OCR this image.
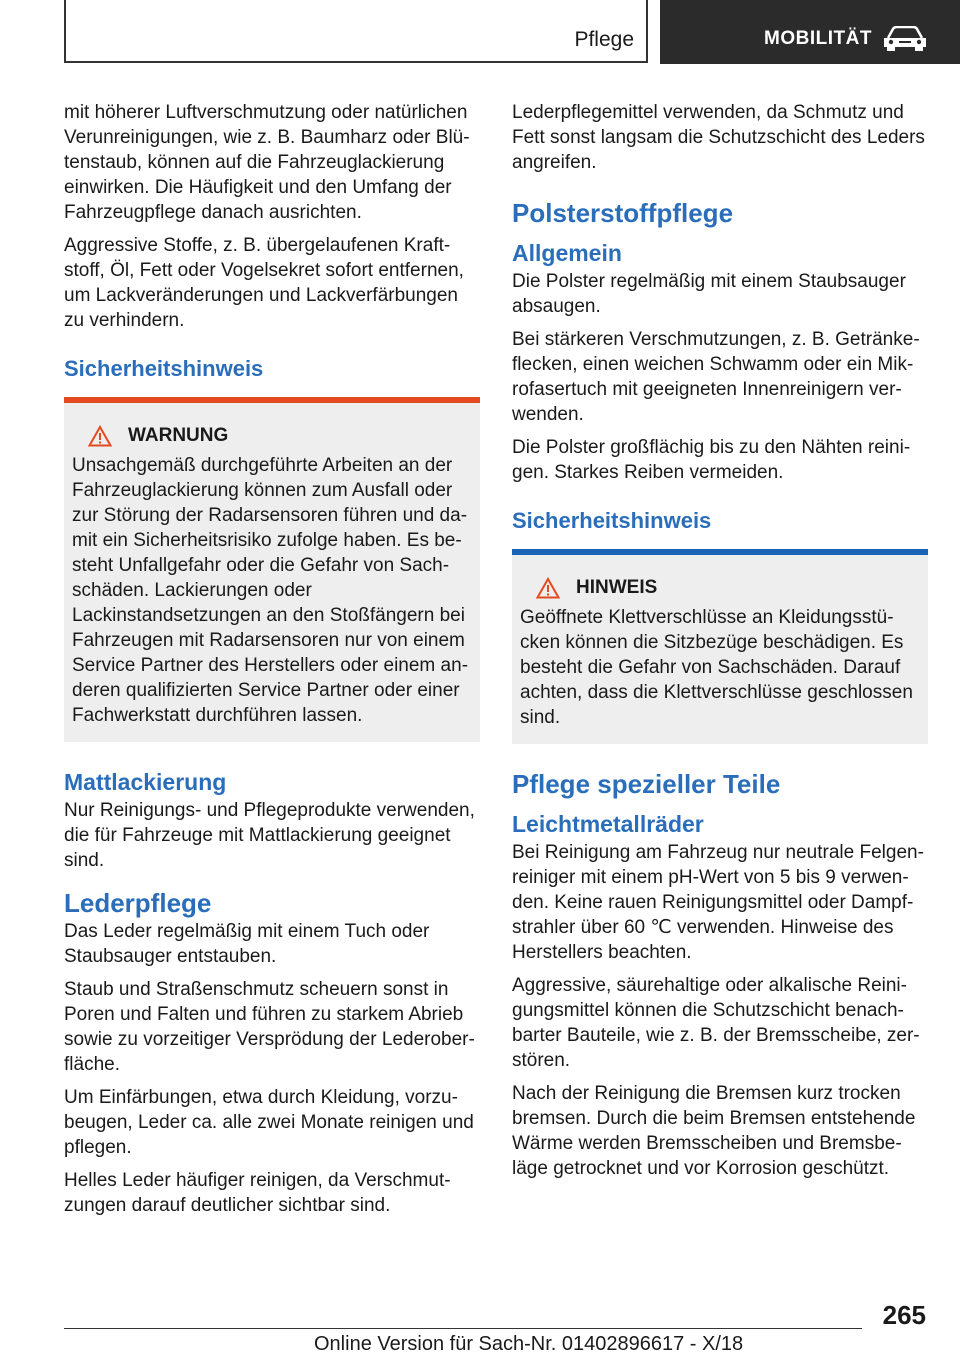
Pflege	MOBILITÄT

mit höherer Luftverschmutzung oder natürlichen Verunreinigungen, wie z. B. Baumharz oder Blütenstaub, können auf die Fahrzeuglackierung einwirken. Die Häufigkeit und den Umfang der Fahrzeugpflege danach ausrichten.

Aggressive Stoffe, z. B. übergelaufenen Kraftstoff, Öl, Fett oder Vogelsekret sofort entfernen, um Lackveränderungen und Lackverfärbungen zu verhindern.

Sicherheitshinweis
WARNUNG

Unsachgemäß durchgeführte Arbeiten an der Fahrzeuglackierung können zum Ausfall oder zur Störung der Radarsensoren führen und damit ein Sicherheitsrisiko zufolge haben. Es besteht Unfallgefahr oder die Gefahr von Sachschäden. Lackierungen oder Lackinstandsetzungen an den Stoßfängern bei Fahrzeugen mit Radarsensoren nur von einem Service Partner des Herstellers oder einem anderen qualifizierten Service Partner oder einer Fachwerkstatt durchführen lassen.

Mattlackierung

Nur Reinigungs- und Pflegeprodukte verwenden, die für Fahrzeuge mit Mattlackierung geeignet sind.

Lederpflege

Das Leder regelmäßig mit einem Tuch oder Staubsauger entstauben.

Staub und Straßenschmutz scheuern sonst in Poren und Falten und führen zu starkem Abrieb sowie zu vorzeitiger Versprödung der Lederoberfläche.

Um Einfärbungen, etwa durch Kleidung, vorzubeugen, Leder ca. alle zwei Monate reinigen und pflegen.

Helles Leder häufiger reinigen, da Verschmutzungen darauf deutlicher sichtbar sind.

Lederpflegemittel verwenden, da Schmutz und Fett sonst langsam die Schutzschicht des Leders angreifen.

Polsterstoffpflege
Allgemein

Die Polster regelmäßig mit einem Staubsauger absaugen.

Bei stärkeren Verschmutzungen, z. B. Getränkeflecken, einen weichen Schwamm oder ein Mikrofasertuch mit geeigneten Innenreinigern verwenden.

Die Polster großflächig bis zu den Nähten reinigen. Starkes Reiben vermeiden.

Sicherheitshinweis
HINWEIS

Geöffnete Klettverschlüsse an Kleidungsstücken können die Sitzbezüge beschädigen. Es besteht die Gefahr von Sachschäden. Darauf achten, dass die Klettverschlüsse geschlossen sind.

Pflege spezieller Teile
Leichtmetallräder

Bei Reinigung am Fahrzeug nur neutrale Felgenreiniger mit einem pH-Wert von 5 bis 9 verwenden. Keine rauen Reinigungsmittel oder Dampfstrahler über 60 ℃ verwenden. Hinweise des Herstellers beachten.

Aggressive, säurehaltige oder alkalische Reinigungsmittel können die Schutzschicht benachbarter Bauteile, wie z. B. der Bremsscheibe, zerstören.

Nach der Reinigung die Bremsen kurz trocken bremsen. Durch die beim Bremsen entstehende Wärme werden Bremsscheiben und Bremsbeläge getrocknet und vor Korrosion geschützt.

265
Online Version für Sach-Nr. 01402896617 - X/18
